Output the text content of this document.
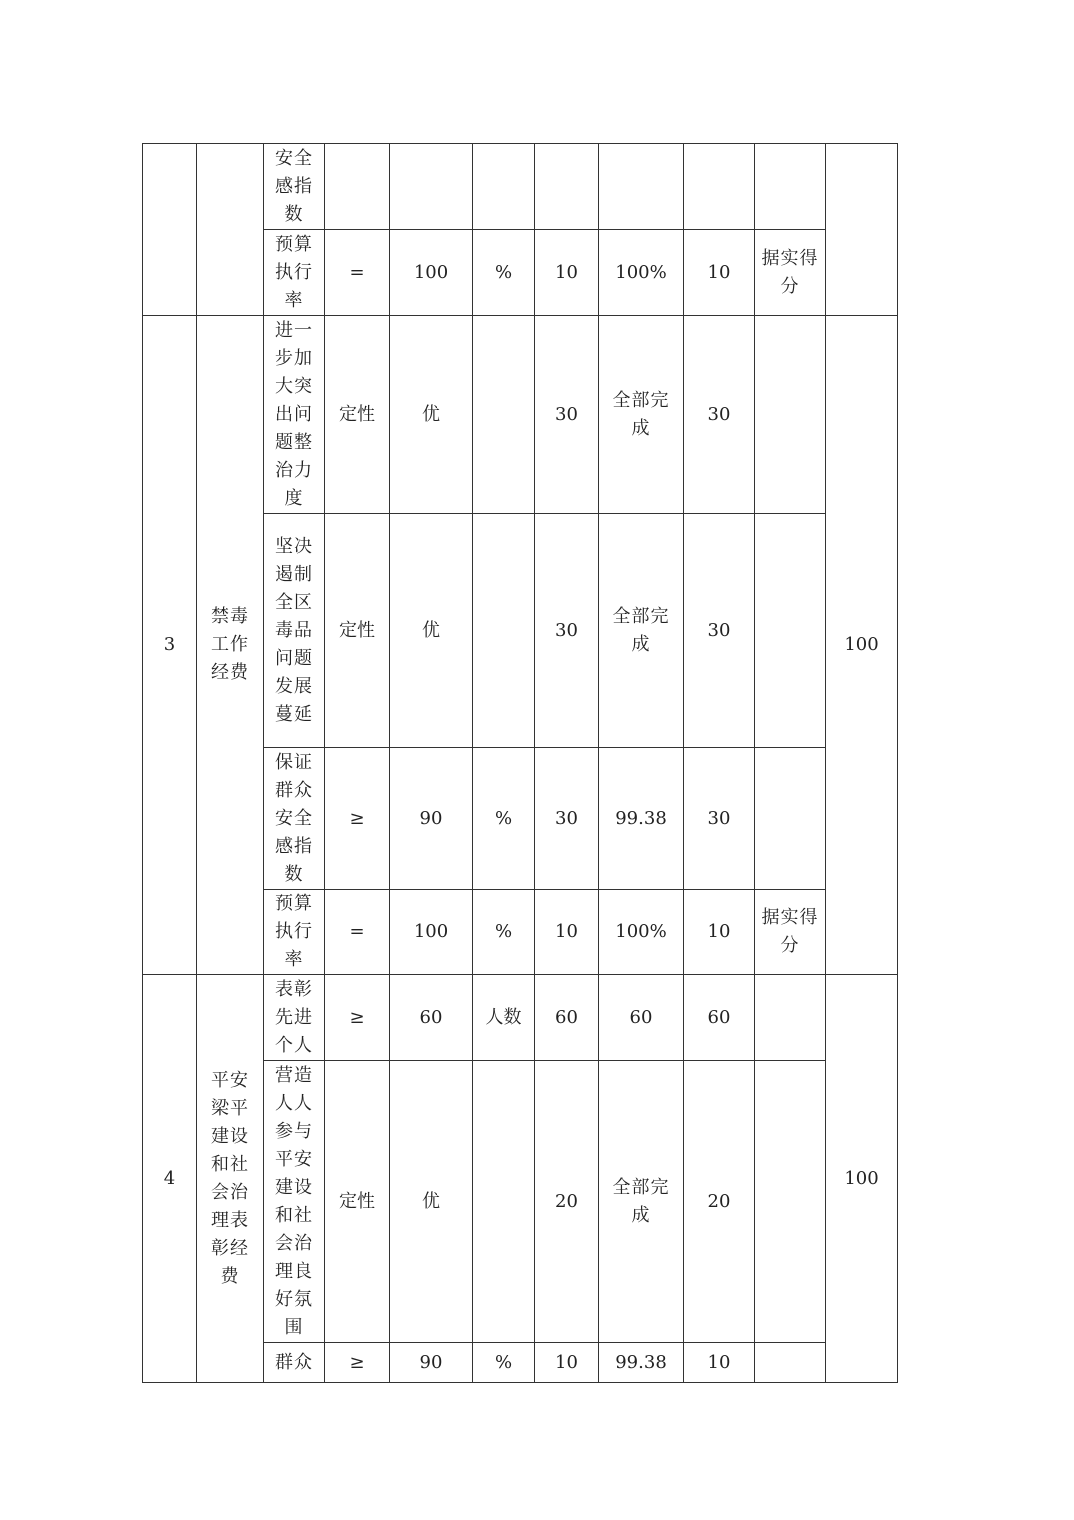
		安全感指数								
		预算执行率	=	100	%	10	100%	10	据实得分	
3	禁毒工作经费	进一步加大突出问题整治力度	定性	优		30	全部完成	30		100
		坚决遏制全区毒品问题发展蔓延	定性	优		30	全部完成	30		
		保证群众安全感指数	≥	90	%	30	99.38	30		
		预算执行率	=	100	%	10	100%	10	据实得分	
4	平安梁平建设和社会治理表彰经费	表彰先进个人	≥	60	人数	60	60	60		100
		营造人人参与平安建设和社会治理良好氛围	定性	优		20	全部完成	20		
		群众	≥	90	%	10	99.38	10		
